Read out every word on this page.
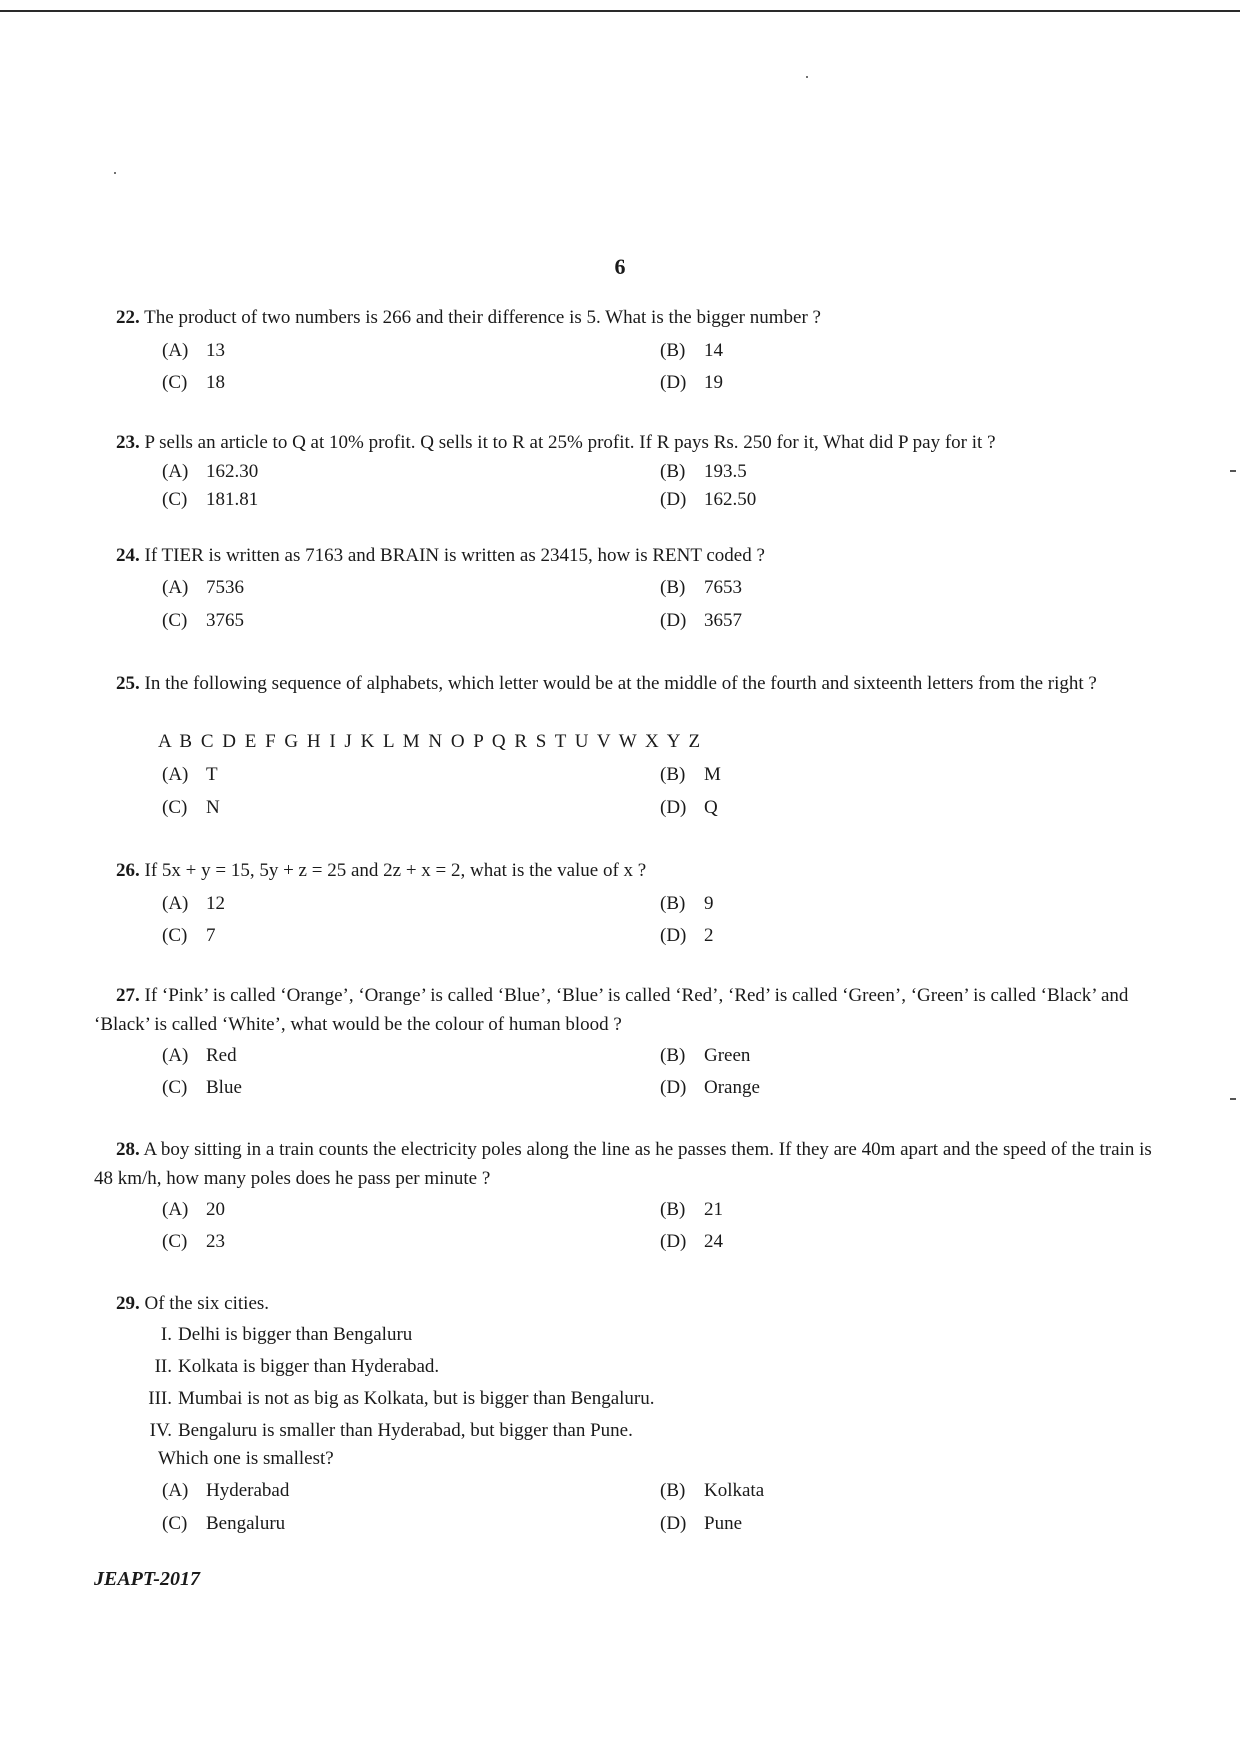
6
22. The product of two numbers is 266 and their difference is 5. What is the bigger number ?
(A) 13	(B) 14
(C) 18	(D) 19
23. P sells an article to Q at 10% profit. Q sells it to R at 25% profit. If R pays Rs. 250 for it, What did P pay for it ?
(A) 162.30	(B) 193.5
(C) 181.81	(D) 162.50
24. If TIER is written as 7163 and BRAIN is written as 23415, how is RENT coded ?
(A) 7536	(B) 7653
(C) 3765	(D) 3657
25. In the following sequence of alphabets, which letter would be at the middle of the fourth and sixteenth letters from the right ?
A B C D E F G H I J K L M N O P Q R S T U V W X Y Z
(A) T	(B) M
(C) N	(D) Q
26. If 5x + y = 15, 5y + z = 25 and 2z + x = 2, what is the value of x ?
(A) 12	(B) 9
(C) 7	(D) 2
27. If ‘Pink’ is called ‘Orange’, ‘Orange’ is called ‘Blue’, ‘Blue’ is called ‘Red’, ‘Red’ is called ‘Green’, ‘Green’ is called ‘Black’ and ‘Black’ is called ‘White’, what would be the colour of human blood ?
(A) Red	(B) Green
(C) Blue	(D) Orange
28. A boy sitting in a train counts the electricity poles along the line as he passes them. If they are 40m apart and the speed of the train is 48 km/h, how many poles does he pass per minute ?
(A) 20	(B) 21
(C) 23	(D) 24
29. Of the six cities.
I. Delhi is bigger than Bengaluru
II. Kolkata is bigger than Hyderabad.
III. Mumbai is not as big as Kolkata, but is bigger than Bengaluru.
IV. Bengaluru is smaller than Hyderabad, but bigger than Pune.
Which one is smallest?
(A) Hyderabad	(B) Kolkata
(C) Bengaluru	(D) Pune
JEAPT-2017
